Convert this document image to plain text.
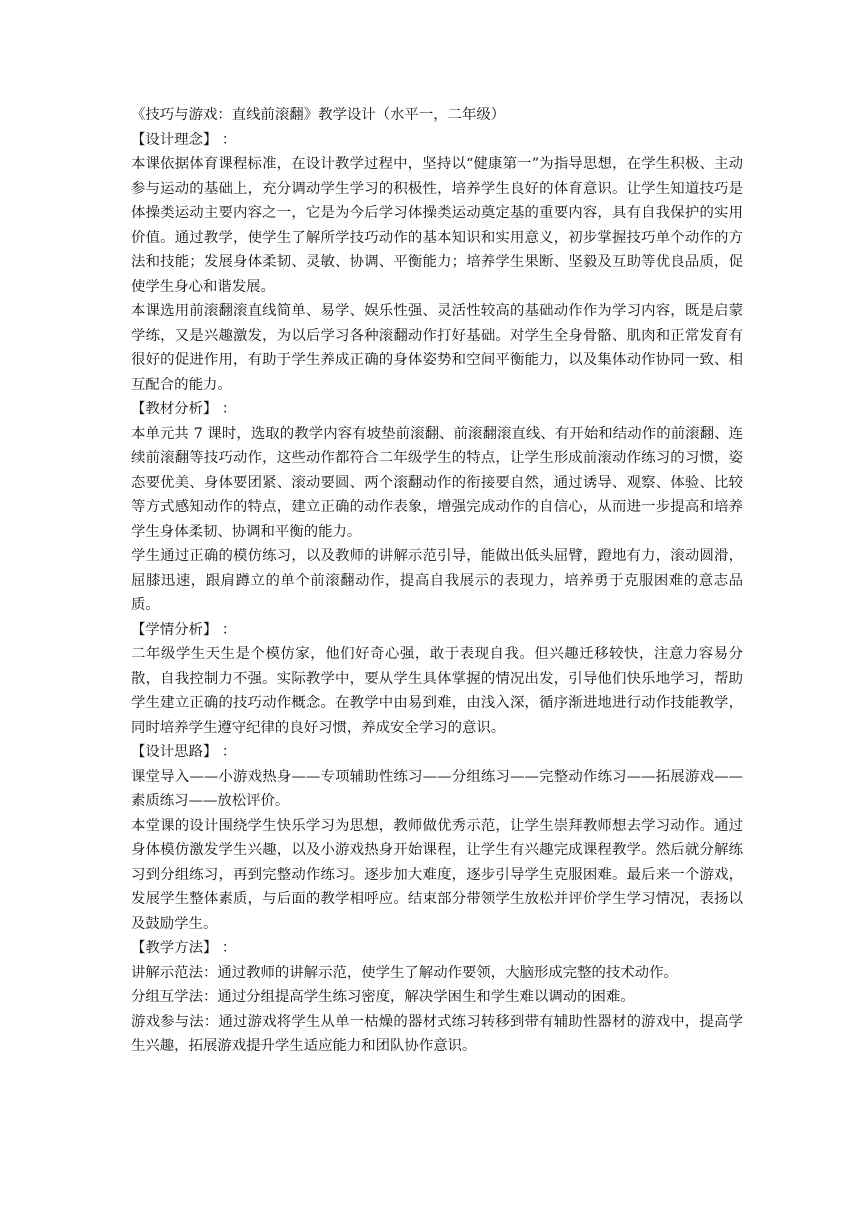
《技巧与游戏：直线前滚翻》教学设计（水平一，二年级）

【设计理念】 ：

本课依据体育课程标准，在设计教学过程中，坚持以“健康第一”为指导思想，在学生积极、主动参与运动的基础上，充分调动学生学习的积极性，培养学生良好的体育意识。让学生知道技巧是体操类运动主要内容之一，它是为今后学习体操类运动奠定基的重要内容，具有自我保护的实用价值。通过教学，使学生了解所学技巧动作的基本知识和实用意义，初步掌握技巧单个动作的方法和技能；发展身体柔韧、灵敏、协调、平衡能力；培养学生果断、坚毅及互助等优良品质，促使学生身心和谐发展。

本课选用前滚翻滚直线简单、易学、娱乐性强、灵活性较高的基础动作作为学习内容，既是启蒙学练，又是兴趣激发，为以后学习各种滚翻动作打好基础。对学生全身骨骼、肌肉和正常发育有很好的促进作用，有助于学生养成正确的身体姿势和空间平衡能力，以及集体动作协同一致、相互配合的能力。

【教材分析】 ：

本单元共 7 课时，选取的教学内容有坡垫前滚翻、前滚翻滚直线、有开始和结动作的前滚翻、连续前滚翻等技巧动作，这些动作都符合二年级学生的特点，让学生形成前滚动作练习的习惯，姿态要优美、身体要团紧、滚动要圆、两个滚翻动作的衔接要自然，通过诱导、观察、体验、比较等方式感知动作的特点，建立正确的动作表象，增强完成动作的自信心，从而进一步提高和培养学生身体柔韧、协调和平衡的能力。

学生通过正确的模仿练习，以及教师的讲解示范引导，能做出低头屈臂，蹬地有力，滚动圆滑，屈膝迅速，跟肩蹲立的单个前滚翻动作，提高自我展示的表现力，培养勇于克服困难的意志品质。

【学情分析】 ：

二年级学生天生是个模仿家，他们好奇心强，敢于表现自我。但兴趣迁移较快，注意力容易分散，自我控制力不强。实际教学中，要从学生具体掌握的情况出发，引导他们快乐地学习，帮助学生建立正确的技巧动作概念。在教学中由易到难，由浅入深，循序渐进地进行动作技能教学，同时培养学生遵守纪律的良好习惯，养成安全学习的意识。

【设计思路】 ：

课堂导入——小游戏热身——专项辅助性练习——分组练习——完整动作练习——拓展游戏——素质练习——放松评价。

本堂课的设计围绕学生快乐学习为思想，教师做优秀示范，让学生崇拜教师想去学习动作。通过身体模仿激发学生兴趣，以及小游戏热身开始课程，让学生有兴趣完成课程教学。然后就分解练习到分组练习，再到完整动作练习。逐步加大难度，逐步引导学生克服困难。最后来一个游戏，发展学生整体素质，与后面的教学相呼应。结束部分带领学生放松并评价学生学习情况，表扬以及鼓励学生。

【教学方法】 ：

讲解示范法：通过教师的讲解示范，使学生了解动作要领，大脑形成完整的技术动作。

分组互学法：通过分组提高学生练习密度，解决学困生和学生难以调动的困难。

游戏参与法：通过游戏将学生从单一枯燥的器材式练习转移到带有辅助性器材的游戏中，提高学生兴趣，拓展游戏提升学生适应能力和团队协作意识。
